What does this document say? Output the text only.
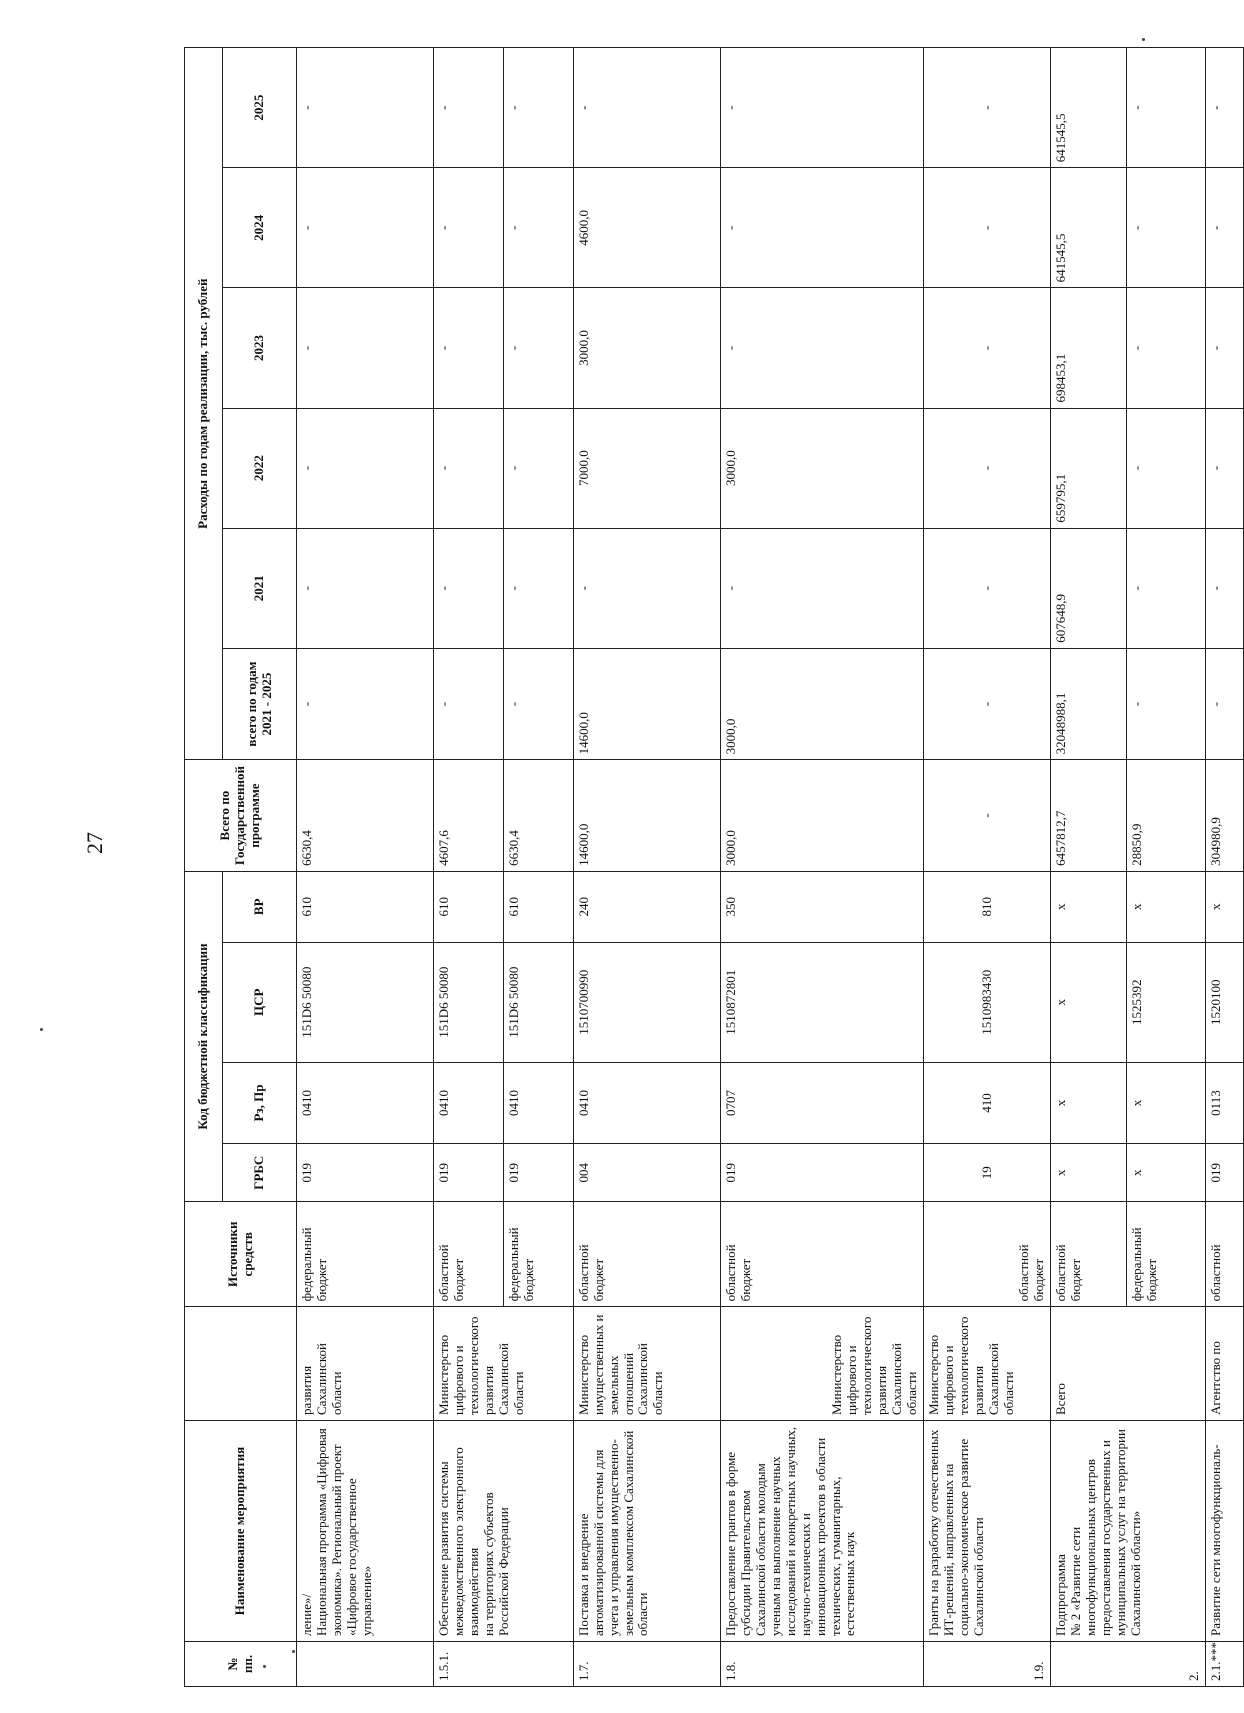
27
№ пп.	Наименование мероприятия		Источники средств	Код бюджетной классификации				Всего по Государственной программе	Расходы по годам реализации, тыс. рублей					
				ГРБС	Рз, Пр	ЦСР	ВР		всего по годам 2021 - 2025	2021	2022	2023	2024	2025
	ление»/
Национальная программа «Цифровая экономика». Региональный проект «Цифровое государственное управление»	развития Сахалинской области	федеральный бюджет	019	0410	151D6 50080	610	6630,4	-	-	-	-	-	-
1.5.1.	Обеспечение развития системы межведомственного электронного взаимодействия
на территориях субъектов Российской Федерации	Министерство цифрового и технологического развития Сахалинской области	областной бюджет	019	0410	151D6 50080	610	4607,6	-	-	-	-	-	-
			федеральный бюджет	019	0410	151D6 50080	610	6630,4	-	-	-	-	-	-
1.7.	Поставка и внедрение автоматизированной системы для учета и управления имущественно-земельным комплексом Сахалинской области	Министерство имущественных и земельных отношений Сахалинской области	областной бюджет	004	0410	1510700990	240	14600,0	14600,0	-	7000,0	3000,0	4600,0	-
1.8.	Предоставление грантов в форме субсидии Правительством Сахалинской области молодым ученым на выполнение научных исследований и конкретных научных, научно-технических и инновационных проектов в области технических, гуманитарных, естественных наук	Министерство цифрового и технологического развития Сахалинской области	областной бюджет	019	0707	1510872801	350	3000,0	3000,0	-	3000,0	-	-	-
1.9.	Гранты на разработку отечественных ИТ-решений, направленных на социально-экономическое развитие Сахалинской области	Министерство цифрового и технологического развития Сахалинской области	областной бюджет	19	410	1510983430	810	-	-	-	-	-	-	-
2.	Подпрограмма
№ 2 «Развитие сети многофункциональных центров предоставления государственных и муниципальных услуг на территории Сахалинской области»	Всего	областной бюджет	х	х	х	х	6457812,7	32048988,1	607648,9	659795,1	698453,1	641545,5	641545,5
			федеральный бюджет	х	х	1525392	х	28850,9	-	-	-	-	-	-
2.1.***	Развитие сети многофункциональ-	Агентство по	областной	019	0113	1520100	х	304980,9	-	-	-	-	-	-
